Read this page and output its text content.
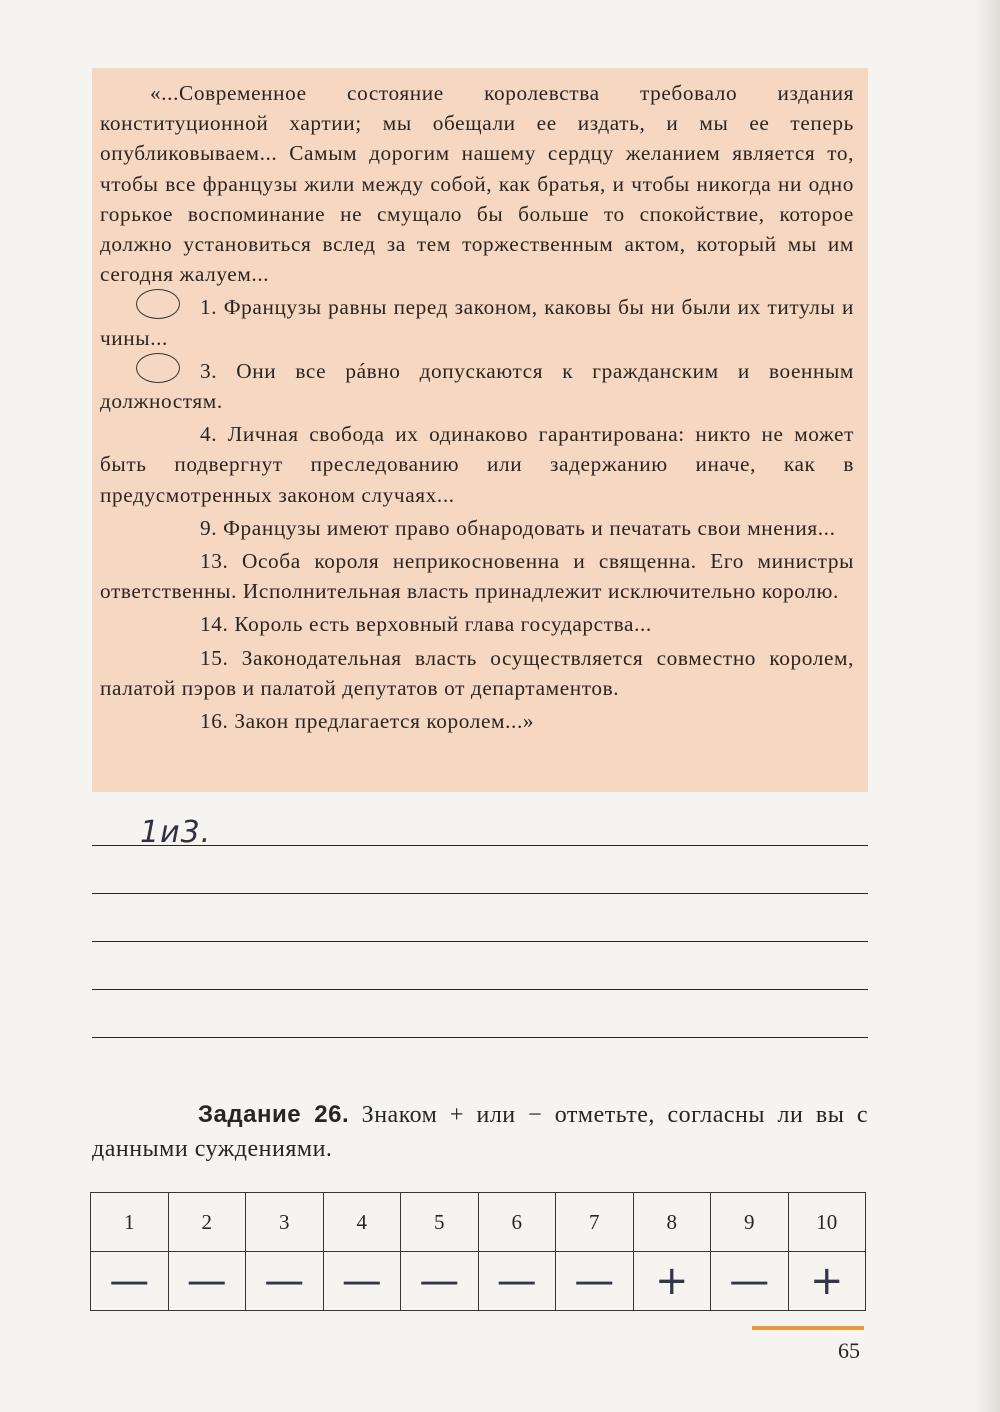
«...Современное состояние королевства требовало издания конституционной хартии; мы обещали ее издать, и мы ее теперь опубликовываем... Самым дорогим нашему сердцу желанием является то, чтобы все французы жили между собой, как братья, и чтобы никогда ни одно горькое воспоминание не смущало бы больше то спокойствие, которое должно установиться вслед за тем торжественным актом, который мы им сегодня жалуем...

1. Французы равны перед законом, каковы бы ни были их титулы и чины...

3. Они все рáвно допускаются к гражданским и военным должностям.

4. Личная свобода их одинаково гарантирована: никто не может быть подвергнут преследованию или задержанию иначе, как в предусмотренных законом случаях...

9. Французы имеют право обнародовать и печатать свои мнения...

13. Особа короля неприкосновенна и священна. Его министры ответственны. Исполнительная власть принадлежит исключительно королю.

14. Король есть верховный глава государства...

15. Законодательная власть осуществляется совместно королем, палатой пэров и палатой депутатов от департаментов.

16. Закон предлагается королем...»

1и3.
Задание 26. Знаком + или − отметьте, согласны ли вы с данными суждениями.
1	2	3	4	5	6	7	8	9	10
—	—	—	—	—	—	—	+	—	+
65
